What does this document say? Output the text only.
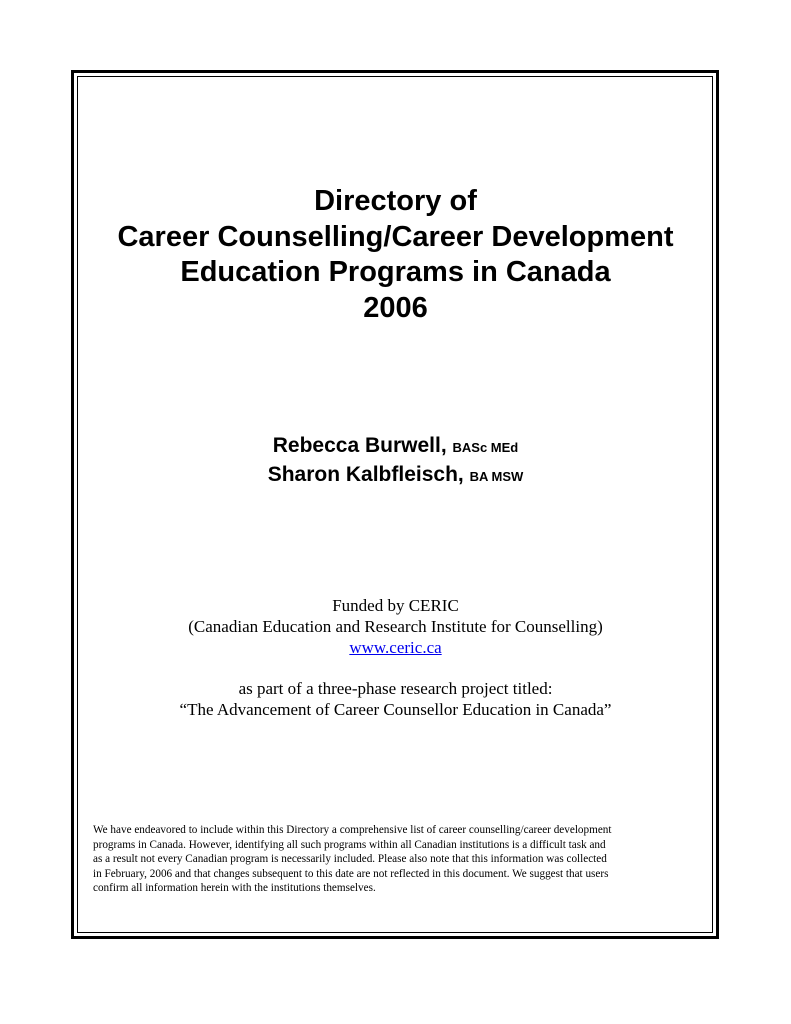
Directory of
Career Counselling/Career Development
Education Programs in Canada
2006
Rebecca Burwell, BASc MEd
Sharon Kalbfleisch, BA MSW
Funded by CERIC
(Canadian Education and Research Institute for Counselling)
www.ceric.ca
as part of a three-phase research project titled:
“The Advancement of Career Counsellor Education in Canada”
We have endeavored to include within this Directory a comprehensive list of career counselling/career development
programs in Canada. However, identifying all such programs within all Canadian institutions is a difficult task and
as a result not every Canadian program is necessarily included. Please also note that this information was collected
in February, 2006 and that changes subsequent to this date are not reflected in this document. We suggest that users
confirm all information herein with the institutions themselves.
